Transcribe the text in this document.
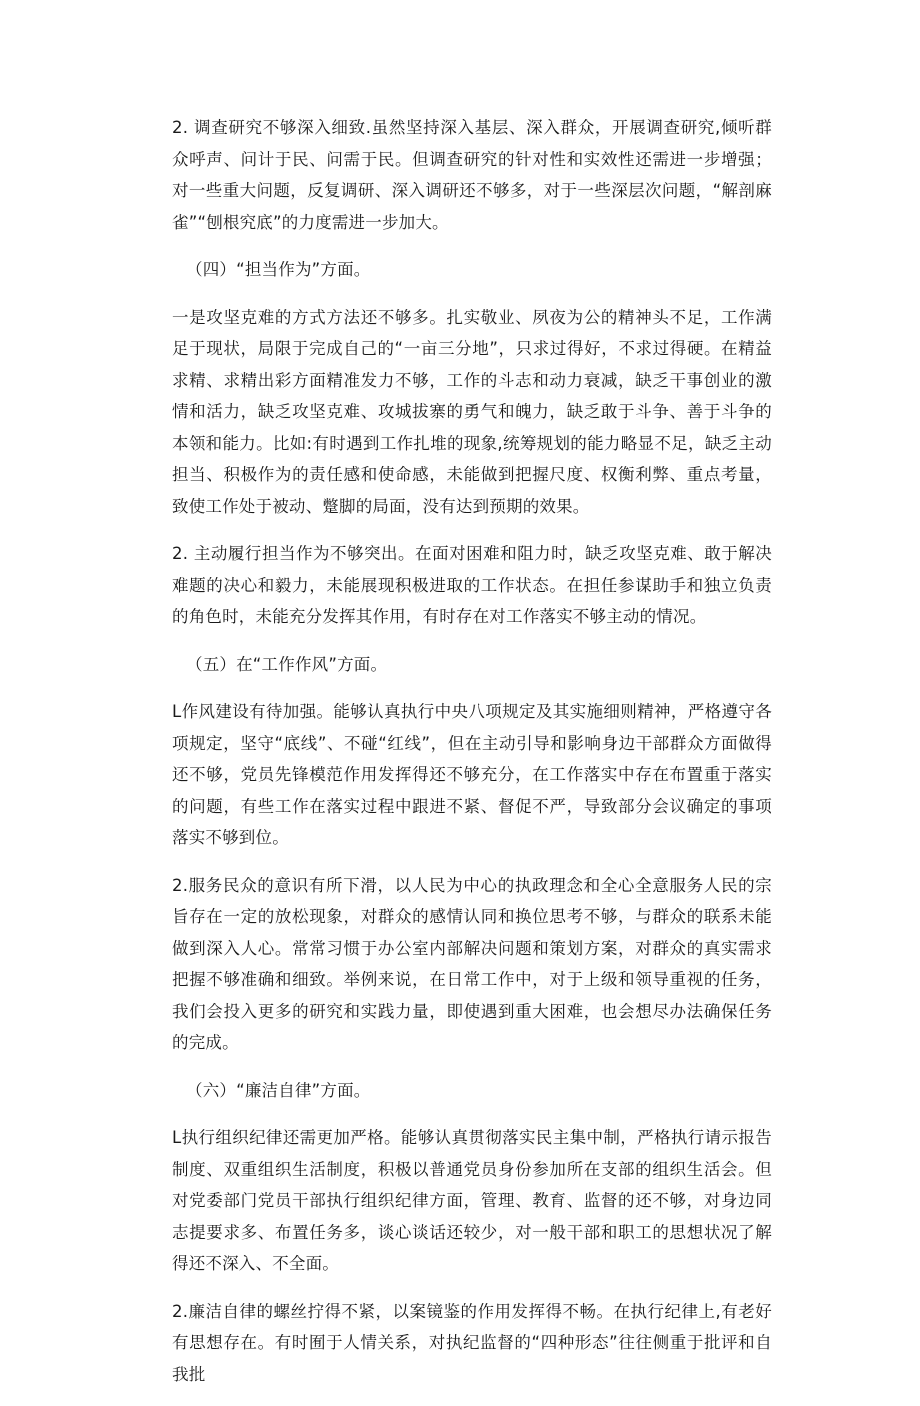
2. 调查研究不够深入细致.虽然坚持深入基层、深入群众，开展调查研究,倾听群众呼声、问计于民、问需于民。但调查研究的针对性和实效性还需进一步增强；对一些重大问题，反复调研、深入调研还不够多，对于一些深层次问题，“解剖麻雀”“刨根究底”的力度需进一步加大。

（四）“担当作为”方面。

一是攻坚克难的方式方法还不够多。扎实敬业、夙夜为公的精神头不足，工作满足于现状，局限于完成自己的“一亩三分地”，只求过得好，不求过得硬。在精益求精、求精出彩方面精准发力不够，工作的斗志和动力衰减，缺乏干事创业的激情和活力，缺乏攻坚克难、攻城拔寨的勇气和魄力，缺乏敢于斗争、善于斗争的本领和能力。比如:有时遇到工作扎堆的现象,统筹规划的能力略显不足，缺乏主动担当、积极作为的责任感和使命感，未能做到把握尺度、权衡利弊、重点考量，致使工作处于被动、蹩脚的局面，没有达到预期的效果。

2. 主动履行担当作为不够突出。在面对困难和阻力时，缺乏攻坚克难、敢于解决难题的决心和毅力，未能展现积极进取的工作状态。在担任参谋助手和独立负责的角色时，未能充分发挥其作用，有时存在对工作落实不够主动的情况。

（五）在“工作作风”方面。

L作风建设有待加强。能够认真执行中央八项规定及其实施细则精神，严格遵守各项规定，坚守“底线”、不碰“红线”，但在主动引导和影响身边干部群众方面做得还不够，党员先锋模范作用发挥得还不够充分，在工作落实中存在布置重于落实的问题，有些工作在落实过程中跟进不紧、督促不严，导致部分会议确定的事项落实不够到位。

2.服务民众的意识有所下滑，以人民为中心的执政理念和全心全意服务人民的宗旨存在一定的放松现象，对群众的感情认同和换位思考不够，与群众的联系未能做到深入人心。常常习惯于办公室内部解决问题和策划方案，对群众的真实需求把握不够准确和细致。举例来说，在日常工作中，对于上级和领导重视的任务，我们会投入更多的研究和实践力量，即使遇到重大困难，也会想尽办法确保任务的完成。

（六）“廉洁自律”方面。

L执行组织纪律还需更加严格。能够认真贯彻落实民主集中制，严格执行请示报告制度、双重组织生活制度，积极以普通党员身份参加所在支部的组织生活会。但对党委部门党员干部执行组织纪律方面，管理、教育、监督的还不够，对身边同志提要求多、布置任务多，谈心谈话还较少，对一般干部和职工的思想状况了解得还不深入、不全面。

2.廉洁自律的螺丝拧得不紧，以案镜鉴的作用发挥得不畅。在执行纪律上,有老好有思想存在。有时囿于人情关系，对执纪监督的“四种形态”往往侧重于批评和自我批
